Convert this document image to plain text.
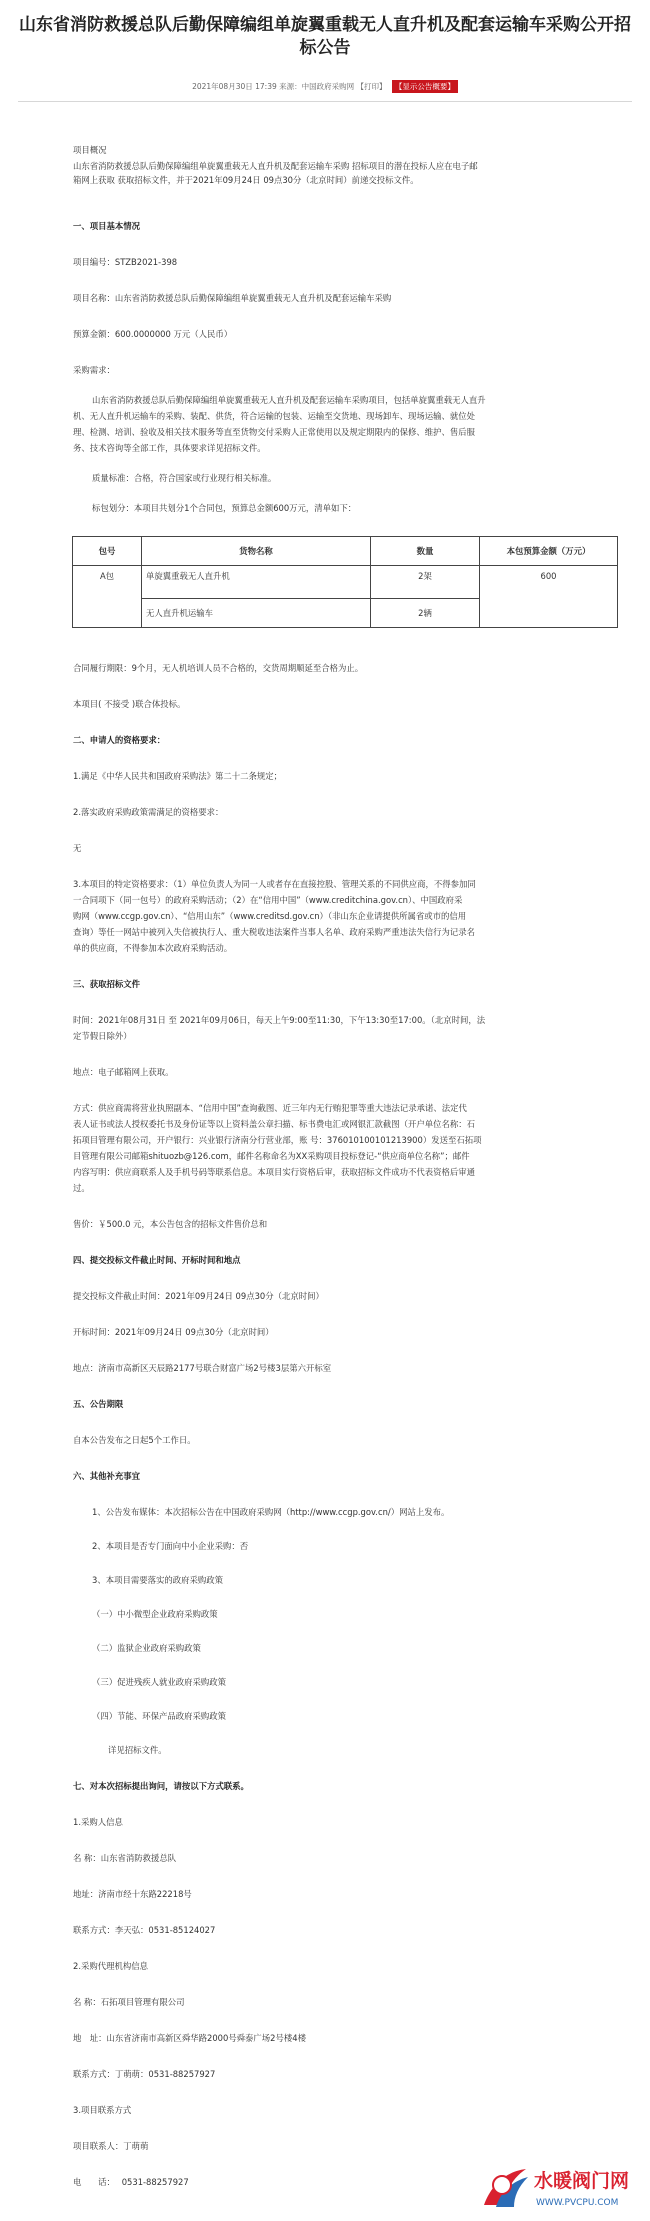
山东省消防救援总队后勤保障编组单旋翼重载无人直升机及配套运输车采购公开招
标公告
2021年08月30日 17:39 来源：中国政府采购网 【打印】 【显示公告概要】
项目概况
山东省消防救援总队后勤保障编组单旋翼重载无人直升机及配套运输车采购 招标项目的潜在投标人应在电子邮
箱网上获取 获取招标文件，并于2021年09月24日 09点30分（北京时间）前递交投标文件。
一、项目基本情况
项目编号：STZB2021-398
项目名称：山东省消防救援总队后勤保障编组单旋翼重载无人直升机及配套运输车采购
预算金额：600.0000000 万元（人民币）
采购需求：
山东省消防救援总队后勤保障编组单旋翼重载无人直升机及配套运输车采购项目，包括单旋翼重载无人直升
机、无人直升机运输车的采购、装配、供货，符合运输的包装、运输至交货地、现场卸车、现场运输、就位处
理、检测、培训、验收及相关技术服务等直至货物交付采购人正常使用以及规定期限内的保修、维护、售后服
务、技术咨询等全部工作，具体要求详见招标文件。
质量标准：合格，符合国家或行业现行相关标准。
标包划分：本项目共划分1个合同包，预算总金额600万元，清单如下：
包号	货物名称	数量	本包预算金额（万元）
A包	单旋翼重载无人直升机	2架	600
	无人直升机运输车	2辆	
合同履行期限：9个月，无人机培训人员不合格的，交货周期顺延至合格为止。
本项目( 不接受 )联合体投标。
二、申请人的资格要求：
1.满足《中华人民共和国政府采购法》第二十二条规定；
2.落实政府采购政策需满足的资格要求：
无
3.本项目的特定资格要求：（1）单位负责人为同一人或者存在直接控股、管理关系的不同供应商，不得参加同
一合同项下（同一包号）的政府采购活动；（2）在“信用中国”（www.creditchina.gov.cn）、中国政府采
购网（www.ccgp.gov.cn）、“信用山东”（www.creditsd.gov.cn）（非山东企业请提供所属省或市的信用
查询）等任一网站中被列入失信被执行人、重大税收违法案件当事人名单、政府采购严重违法失信行为记录名
单的供应商，不得参加本次政府采购活动。
三、获取招标文件
时间：2021年08月31日 至 2021年09月06日，每天上午9:00至11:30，下午13:30至17:00。（北京时间，法
定节假日除外）
地点：电子邮箱网上获取。
方式：供应商需将营业执照副本、“信用中国”查询截图、近三年内无行贿犯罪等重大违法记录承诺、法定代
表人证书或法人授权委托书及身份证等以上资料盖公章扫描、标书费电汇或网银汇款截图（开户单位名称：石
拓项目管理有限公司，开户银行：兴业银行济南分行营业部，账 号：376010100101213900）发送至石拓项
目管理有限公司邮箱shituozb@126.com，邮件名称命名为XX采购项目投标登记-“供应商单位名称”；邮件
内容写明：供应商联系人及手机号码等联系信息。本项目实行资格后审，获取招标文件成功不代表资格后审通
过。
售价：￥500.0 元，本公告包含的招标文件售价总和
四、提交投标文件截止时间、开标时间和地点
提交投标文件截止时间：2021年09月24日 09点30分（北京时间）
开标时间：2021年09月24日 09点30分（北京时间）
地点：济南市高新区天辰路2177号联合财富广场2号楼3层第六开标室
五、公告期限
自本公告发布之日起5个工作日。
六、其他补充事宜
1、公告发布媒体：本次招标公告在中国政府采购网（http://www.ccgp.gov.cn/）网站上发布。
2、本项目是否专门面向中小企业采购：否
3、本项目需要落实的政府采购政策
（一）中小微型企业政府采购政策
（二）监狱企业政府采购政策
（三）促进残疾人就业政府采购政策
（四）节能、环保产品政府采购政策
详见招标文件。
七、对本次招标提出询问，请按以下方式联系。
1.采购人信息
名 称：山东省消防救援总队
地址：济南市经十东路22218号
联系方式：李天弘：0531-85124027
2.采购代理机构信息
名 称：石拓项目管理有限公司
地　址：山东省济南市高新区舜华路2000号舜泰广场2号楼4楼
联系方式：丁萌萌：0531-88257927
3.项目联系方式
项目联系人：丁萌萌
电　　话：　 0531-88257927	水暖阀门网
WWW.PVCPU.COM
